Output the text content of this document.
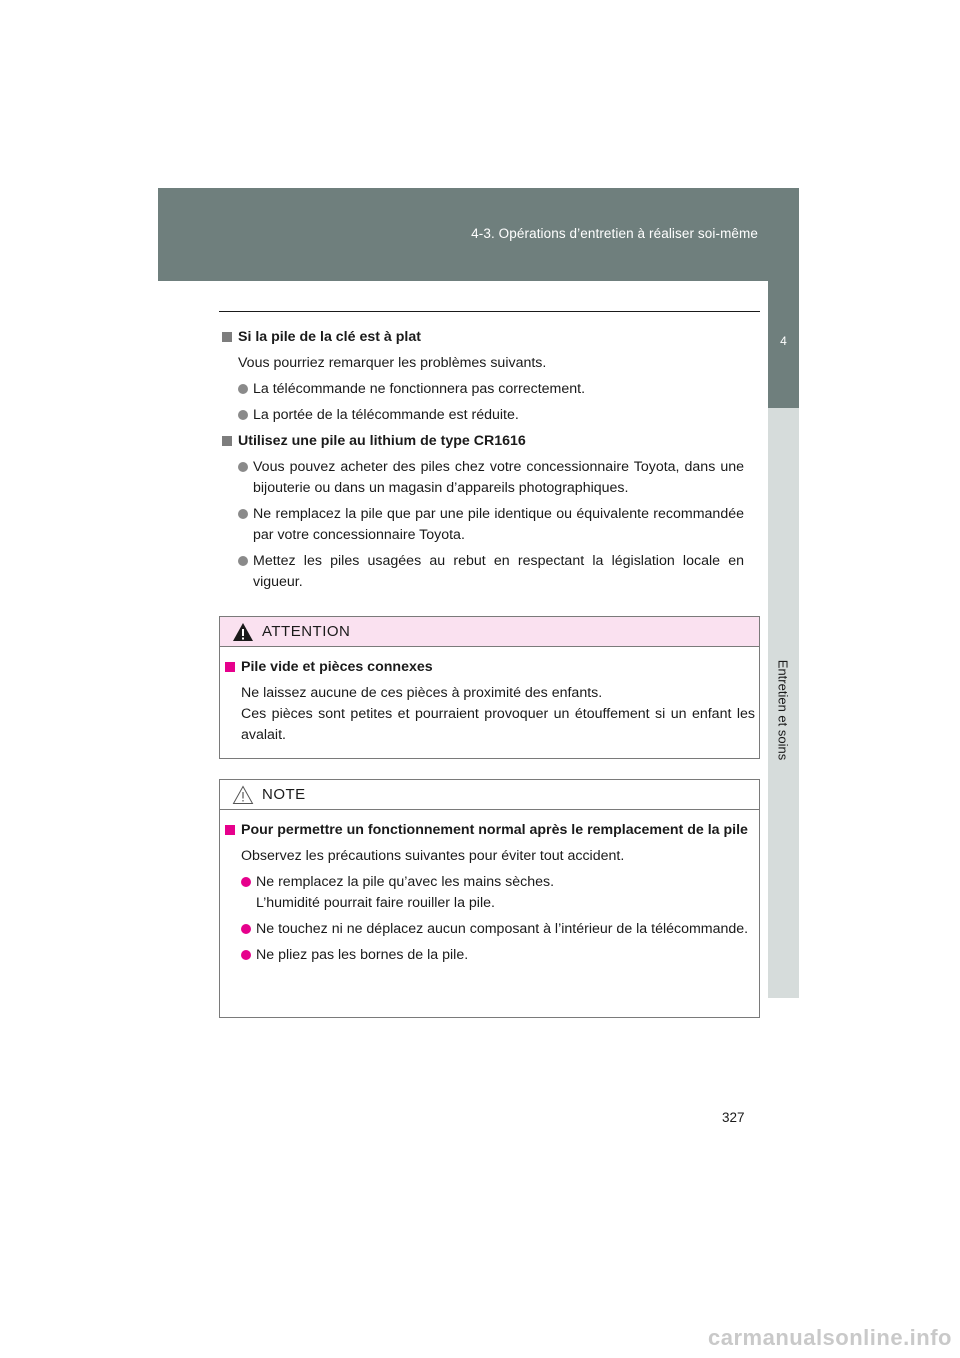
4-3. Opérations d’entretien à réaliser soi-même
4
Entretien et soins
Si la pile de la clé est à plat
Vous pourriez remarquer les problèmes suivants.
La télécommande ne fonctionnera pas correctement.
La portée de la télécommande est réduite.
Utilisez une pile au lithium de type CR1616
Vous pouvez acheter des piles chez votre concessionnaire Toyota, dans une bijouterie ou dans un magasin d’appareils photographiques.
Ne remplacez la pile que par une pile identique ou équivalente recommandée par votre concessionnaire Toyota.
Mettez les piles usagées au rebut en respectant la législation locale en vigueur.
ATTENTION
Pile vide et pièces connexes
Ne laissez aucune de ces pièces à proximité des enfants.
Ces pièces sont petites et pourraient provoquer un étouffement si un enfant les avalait.
NOTE
Pour permettre un fonctionnement normal après le remplacement de la pile
Observez les précautions suivantes pour éviter tout accident.
Ne remplacez la pile qu’avec les mains sèches.
L’humidité pourrait faire rouiller la pile.
Ne touchez ni ne déplacez aucun composant à l’intérieur de la télécommande.
Ne pliez pas les bornes de la pile.
327
carmanualsonline.info
